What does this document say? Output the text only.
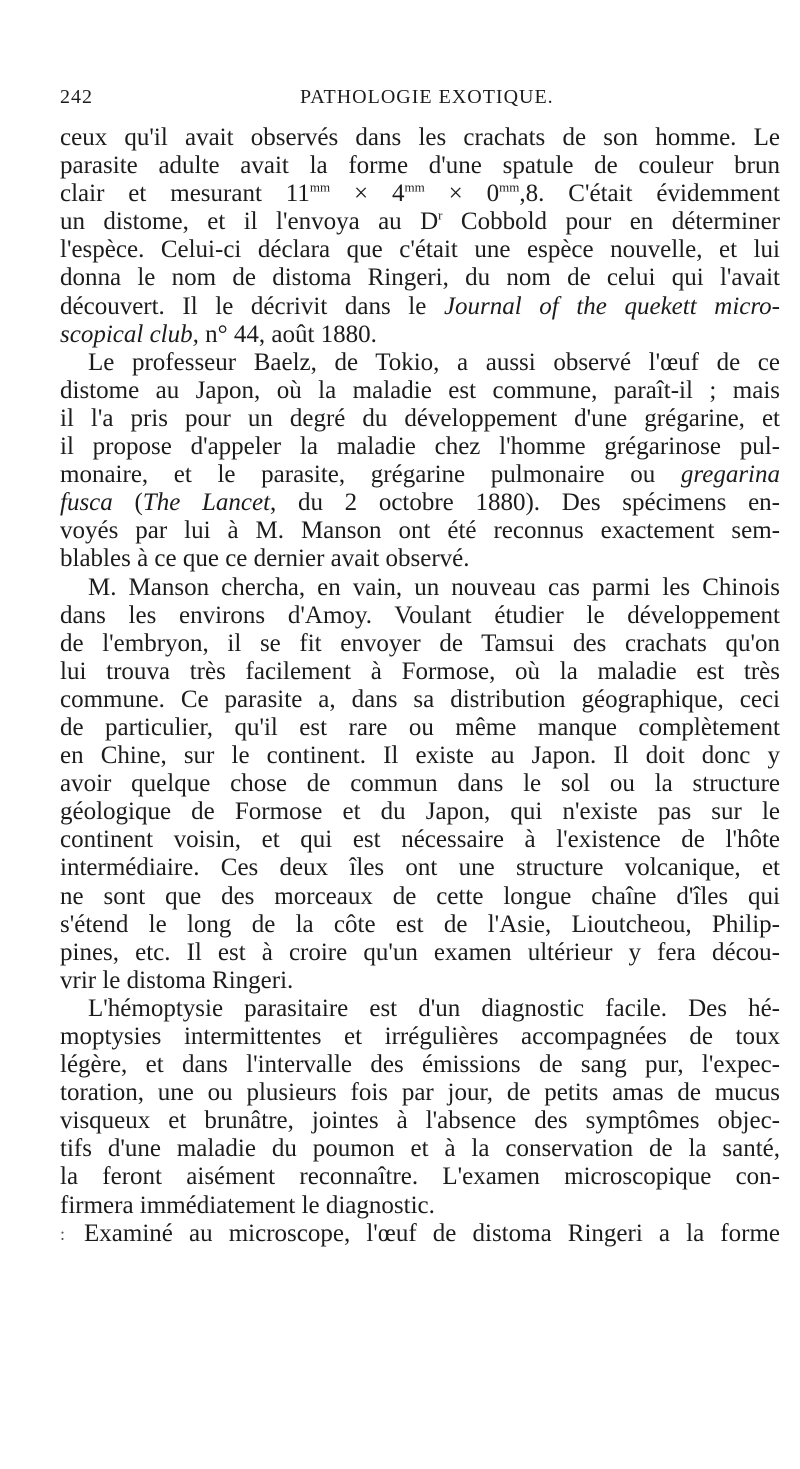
242	PATHOLOGIE EXOTIQUE.
ceux qu'il avait observés dans les crachats de son homme. Le
parasite adulte avait la forme d'une spatule de couleur brun
clair et mesurant $11^{mm} \times 4^{mm} \times 0^{mm},8$. C'était évidemment
un distome, et il l'envoya au $D^r$ Cobbold pour en déterminer
l'espèce. Celui-ci déclara que c'était une espèce nouvelle, et lui
donna le nom de distoma Ringeri, du nom de celui qui l'avait
découvert. Il le décrivit dans le Journal of the quekett micro-
scopical club, n° 44, août 1880.
Le professeur Baelz, de Tokio, a aussi observé l'œuf de ce
distome au Japon, où la maladie est commune, paraît-il ; mais
il l'a pris pour un degré du développement d'une grégarine, et
il propose d'appeler la maladie chez l'homme grégarinose pul-
monaire, et le parasite, grégarine pulmonaire ou gregarina
fusca (The Lancet, du 2 octobre 1880). Des spécimens en-
voyés par lui à M. Manson ont été reconnus exactement sem-
blables à ce que ce dernier avait observé.
M. Manson chercha, en vain, un nouveau cas parmi les Chinois
dans les environs d'Amoy. Voulant étudier le développement
de l'embryon, il se fit envoyer de Tamsui des crachats qu'on
lui trouva très facilement à Formose, où la maladie est très
commune. Ce parasite a, dans sa distribution géographique, ceci
de particulier, qu'il est rare ou même manque complètement
en Chine, sur le continent. Il existe au Japon. Il doit donc y
avoir quelque chose de commun dans le sol ou la structure
géologique de Formose et du Japon, qui n'existe pas sur le
continent voisin, et qui est nécessaire à l'existence de l'hôte
intermédiaire. Ces deux îles ont une structure volcanique, et
ne sont que des morceaux de cette longue chaîne d'îles qui
s'étend le long de la côte est de l'Asie, Lioutcheou, Philip-
pines, etc. Il est à croire qu'un examen ultérieur y fera décou-
vrir le distoma Ringeri.
L'hémoptysie parasitaire est d'un diagnostic facile. Des hé-
moptysies intermittentes et irrégulières accompagnées de toux
légère, et dans l'intervalle des émissions de sang pur, l'expec-
toration, une ou plusieurs fois par jour, de petits amas de mucus
visqueux et brunâtre, jointes à l'absence des symptômes objec-
tifs d'une maladie du poumon et à la conservation de la santé,
la feront aisément reconnaître. L'examen microscopique con-
firmera immédiatement le diagnostic.
: Examiné au microscope, l'œuf de distoma Ringeri a la forme
